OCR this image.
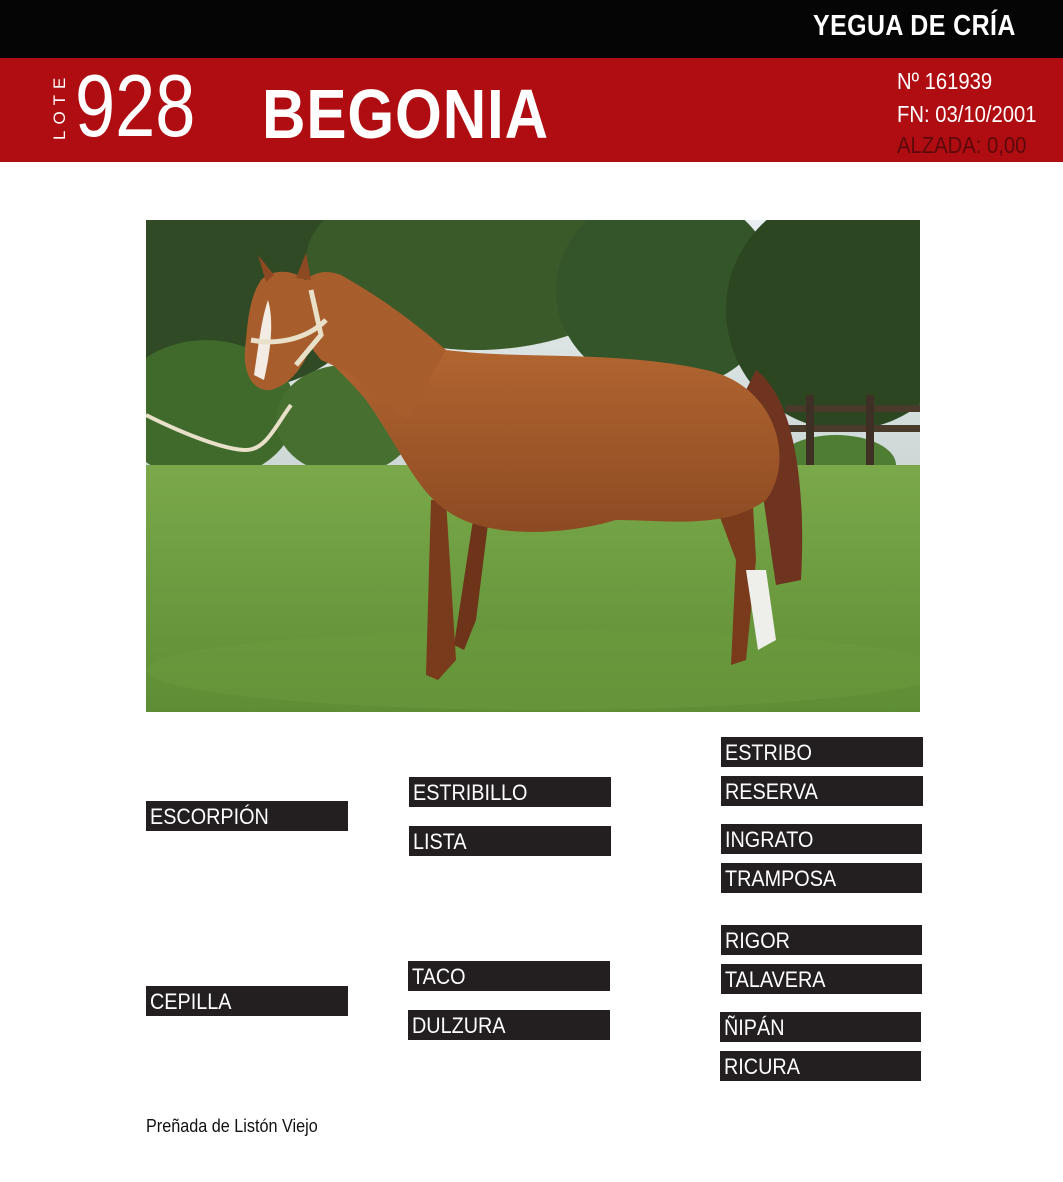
YEGUA DE CRÍA
LOTE 928 BEGONIA	Nº 161939
FN: 03/10/2001
ALZADA: 0,00
ESCORPIÓN
CEPILLA
ESTRIBILLO
LISTA
TACO
DULZURA
ESTRIBO
RESERVA
INGRATO
TRAMPOSA
RIGOR
TALAVERA
ÑIPÁN
RICURA
Preñada de Listón Viejo
